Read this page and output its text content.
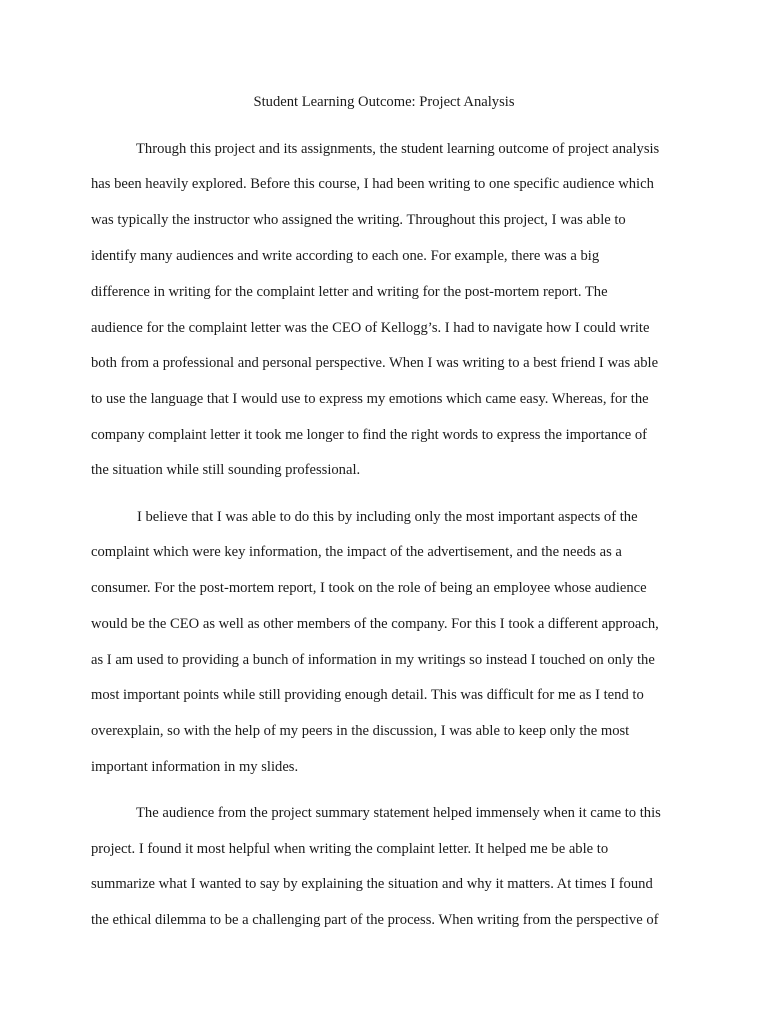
Student Learning Outcome: Project Analysis

Through this project and its assignments, the student learning outcome of project analysis

has been heavily explored. Before this course, I had been writing to one specific audience which

was typically the instructor who assigned the writing. Throughout this project, I was able to

identify many audiences and write according to each one. For example, there was a big

difference in writing for the complaint letter and writing for the post-mortem report. The

audience for the complaint letter was the CEO of Kellogg’s. I had to navigate how I could write

both from a professional and personal perspective. When I was writing to a best friend I was able

to use the language that I would use to express my emotions which came easy. Whereas, for the

company complaint letter it took me longer to find the right words to express the importance of

the situation while still sounding professional.

I believe that I was able to do this by including only the most important aspects of the

complaint which were key information, the impact of the advertisement, and the needs as a

consumer. For the post-mortem report, I took on the role of being an employee whose audience

would be the CEO as well as other members of the company. For this I took a different approach,

as I am used to providing a bunch of information in my writings so instead I touched on only the

most important points while still providing enough detail. This was difficult for me as I tend to

overexplain, so with the help of my peers in the discussion, I was able to keep only the most

important information in my slides.

The audience from the project summary statement helped immensely when it came to this

project. I found it most helpful when writing the complaint letter. It helped me be able to

summarize what I wanted to say by explaining the situation and why it matters. At times I found

the ethical dilemma to be a challenging part of the process. When writing from the perspective of
